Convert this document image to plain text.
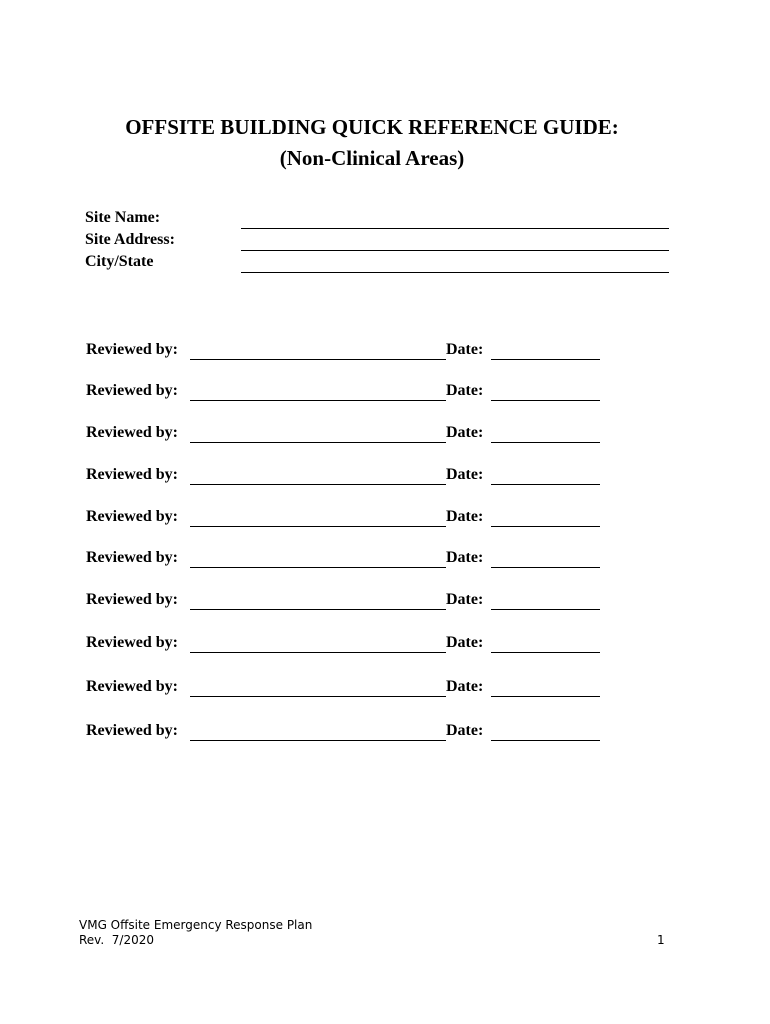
OFFSITE BUILDING QUICK REFERENCE GUIDE:
(Non-Clinical Areas)
Site Name:
Site Address:
City/State
Reviewed by:	Date:
Reviewed by:	Date:
Reviewed by:	Date:
Reviewed by:	Date:
Reviewed by:	Date:
Reviewed by:	Date:
Reviewed by:	Date:
Reviewed by:	Date:
Reviewed by:	Date:
Reviewed by:	Date:
VMG Offsite Emergency Response Plan
Rev.  7/2020	1
